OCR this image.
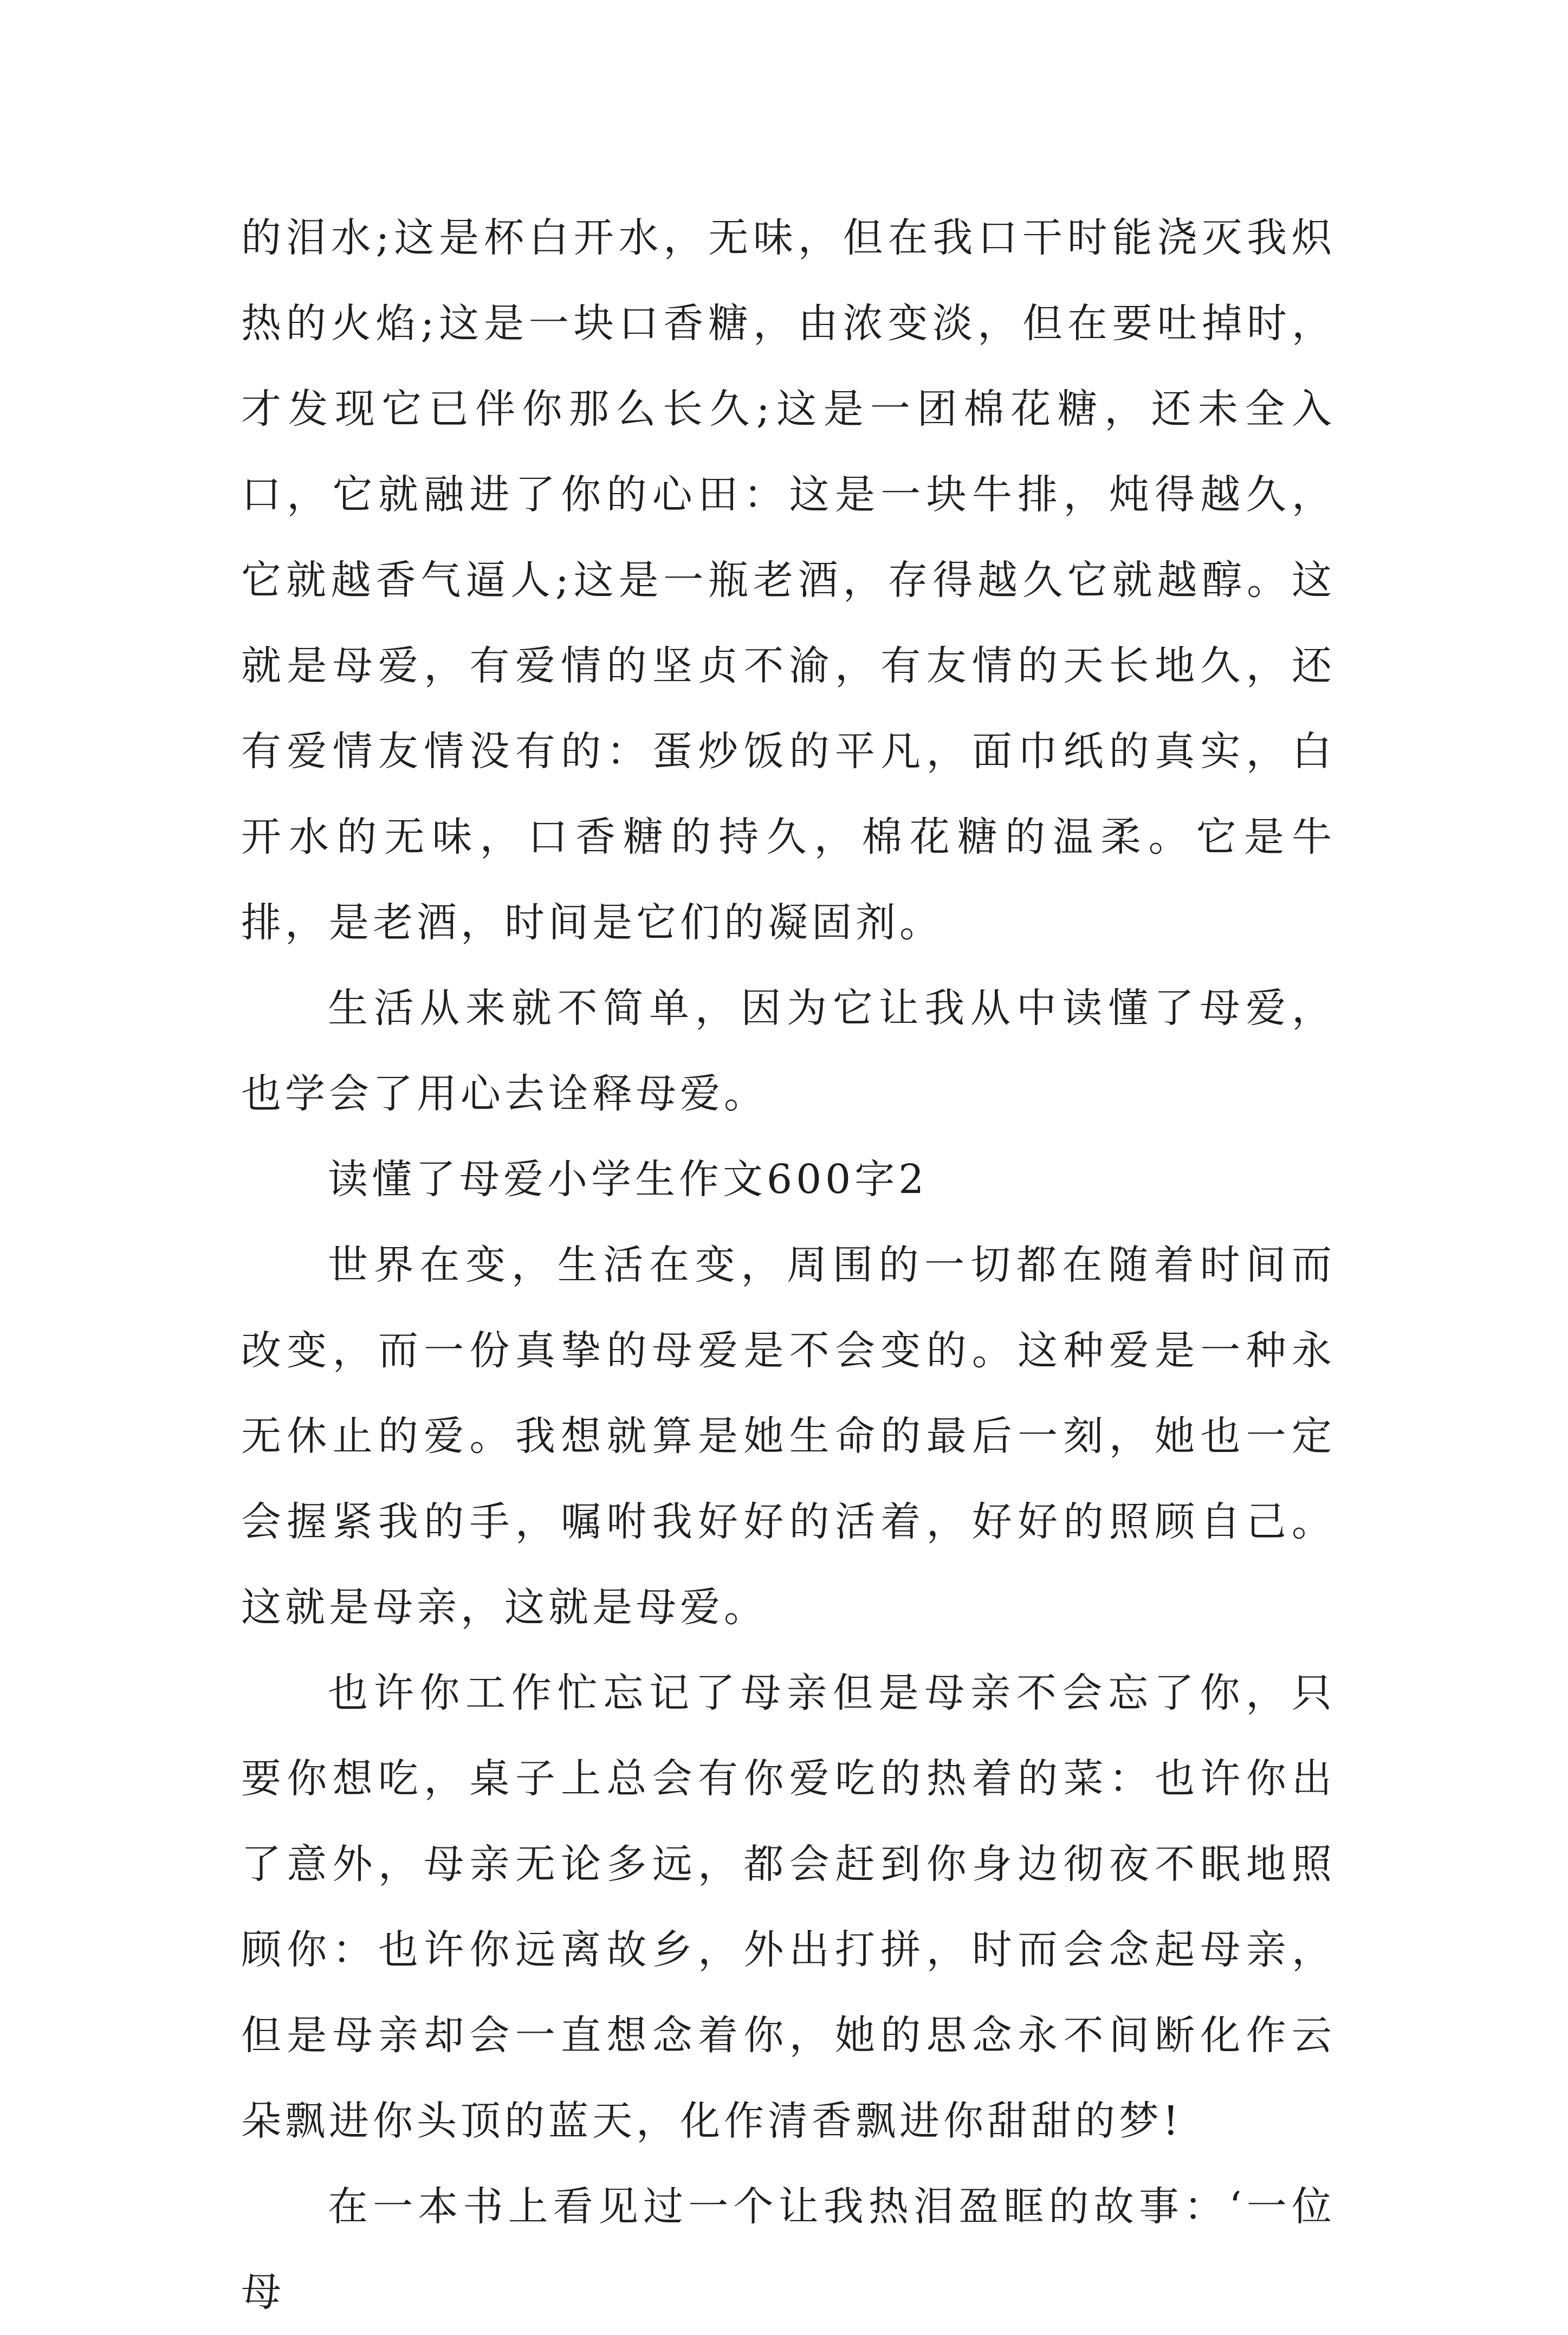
的泪水;这是杯白开水，无味，但在我口干时能浇灭我炽热的火焰;这是一块口香糖，由浓变淡，但在要吐掉时，才发现它已伴你那么长久;这是一团棉花糖，还未全入口，它就融进了你的心田：这是一块牛排，炖得越久，它就越香气逼人;这是一瓶老酒，存得越久它就越醇。这就是母爱，有爱情的坚贞不渝，有友情的天长地久，还有爱情友情没有的：蛋炒饭的平凡，面巾纸的真实，白开水的无味，口香糖的持久，棉花糖的温柔。它是牛排，是老酒，时间是它们的凝固剂。

生活从来就不简单，因为它让我从中读懂了母爱，也学会了用心去诠释母爱。

读懂了母爱小学生作文600字2

世界在变，生活在变，周围的一切都在随着时间而改变，而一份真挚的母爱是不会变的。这种爱是一种永无休止的爱。我想就算是她生命的最后一刻，她也一定会握紧我的手，嘱咐我好好的活着，好好的照顾自己。这就是母亲，这就是母爱。

也许你工作忙忘记了母亲但是母亲不会忘了你，只要你想吃，桌子上总会有你爱吃的热着的菜：也许你出了意外，母亲无论多远，都会赶到你身边彻夜不眠地照顾你：也许你远离故乡，外出打拼，时而会念起母亲，但是母亲却会一直想念着你，她的思念永不间断化作云朵飘进你头顶的蓝天，化作清香飘进你甜甜的梦!

在一本书上看见过一个让我热泪盈眶的故事：‘一位母
